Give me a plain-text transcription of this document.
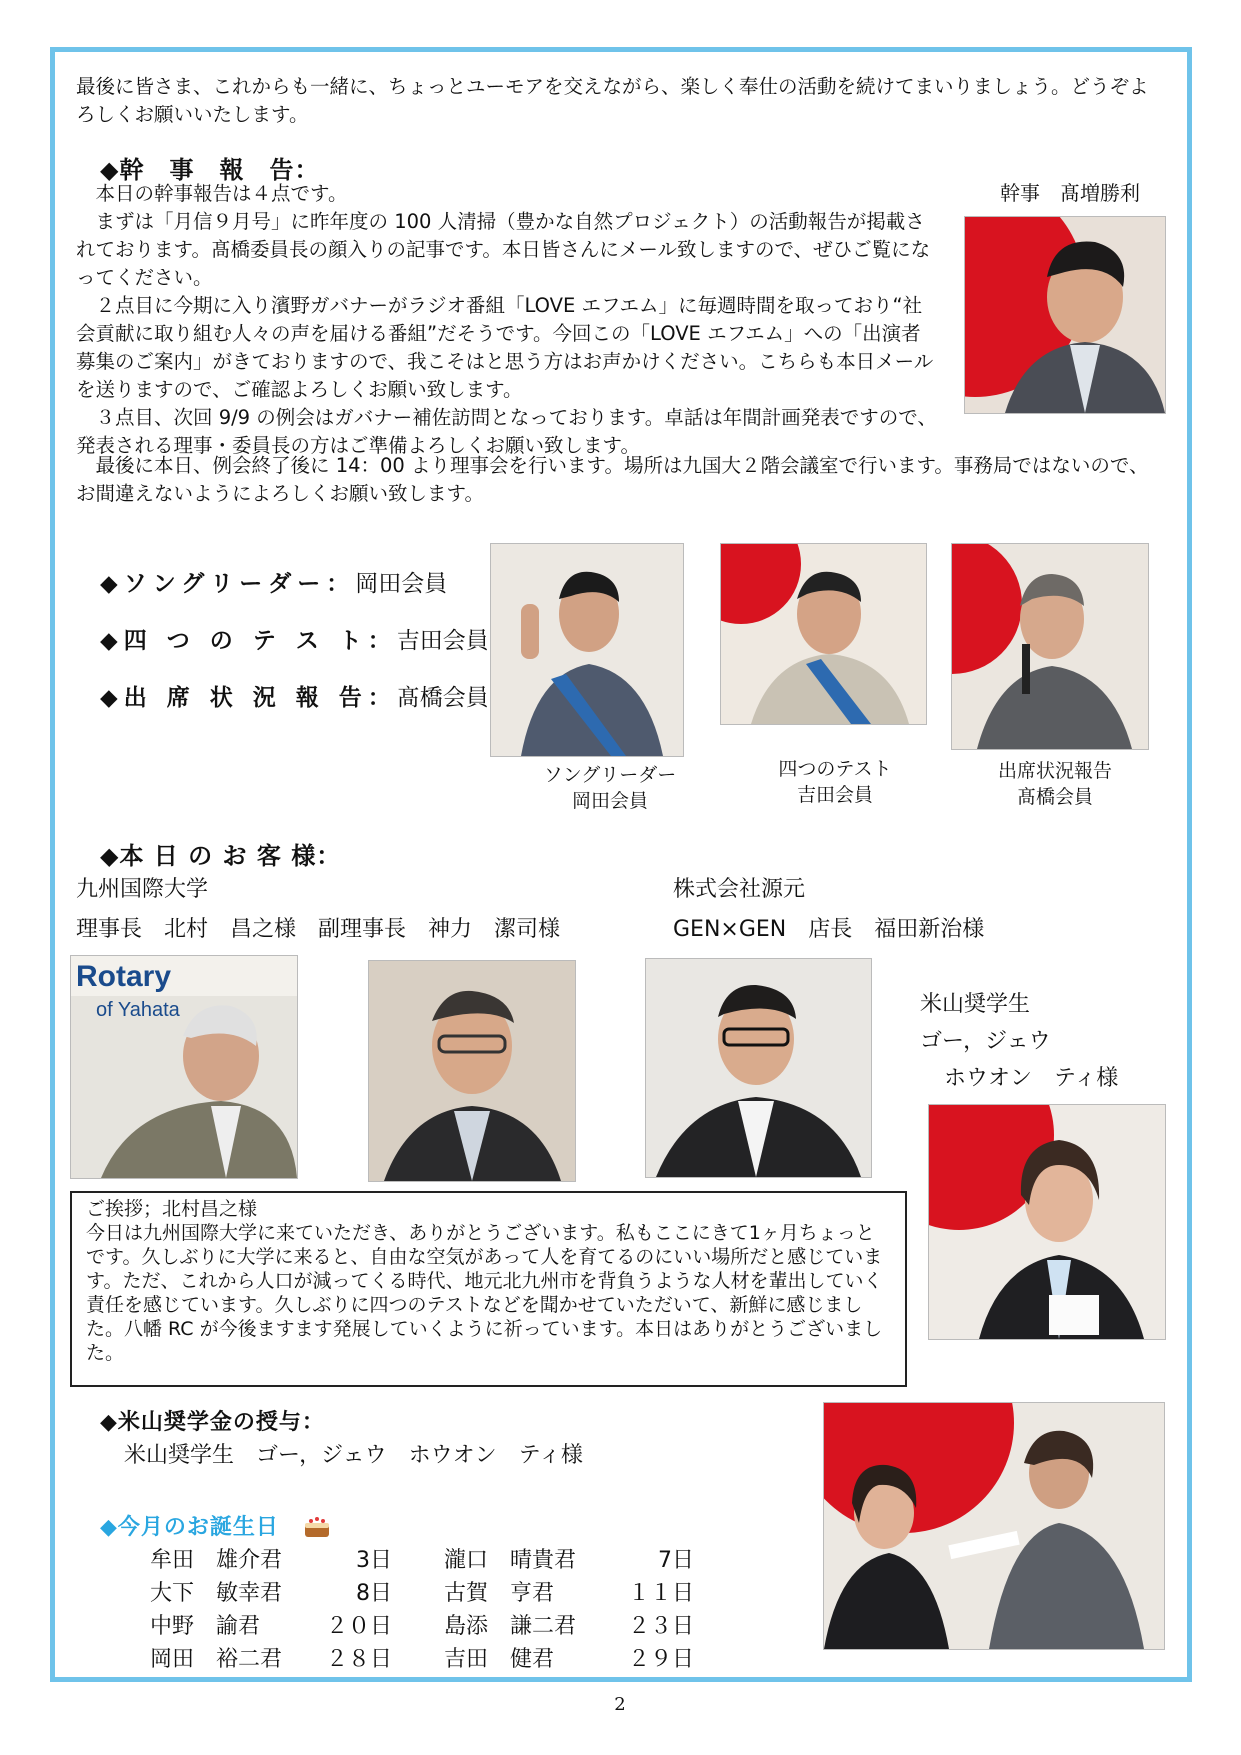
最後に皆さま、これからも一緒に、ちょっとユーモアを交えながら、楽しく奉仕の活動を続けてまいりましょう。どうぞよろしくお願いいたします。

◆幹　事　報　告：

本日の幹事報告は４点です。

まずは「月信９月号」に昨年度の 100 人清掃（豊かな自然プロジェクト）の活動報告が掲載されております。髙橋委員長の顔入りの記事です。本日皆さんにメール致しますので、ぜひご覧になってください。

２点目に今期に入り濱野ガバナーがラジオ番組「LOVE エフエム」に毎週時間を取っており“社会貢献に取り組む人々の声を届ける番組”だそうです。今回この「LOVE エフエム」への「出演者募集のご案内」がきておりますので、我こそはと思う方はお声かけください。こちらも本日メールを送りますので、ご確認よろしくお願い致します。

３点目、次回 9/9 の例会はガバナー補佐訪問となっております。卓話は年間計画発表ですので、発表される理事・委員長の方はご準備よろしくお願い致します。

最後に本日、例会終了後に 14：00 より理事会を行います。場所は九国大２階会議室で行います。事務局ではないので、お間違えないようによろしくお願い致します。

幹事　髙増勝利
◆ソングリーダー：岡田会員
◆四 つ の テ ス ト：吉田会員
◆出 席 状 況 報 告：髙橋会員
ソングリーダー
岡田会員
四つのテスト
吉田会員
出席状況報告
髙橋会員
◆本 日 の お 客 様：
九州国際大学
理事長　北村　昌之様　副理事長　神力　潔司様
株式会社源元
GEN×GEN　店長　福田新治様
Rotary
of Yahata	米山奨学生
ゴー，ジェウ
ホウオン　ティ様
ご挨拶；北村昌之様
今日は九州国際大学に来ていただき、ありがとうございます。私もここにきて1ヶ月ちょっとです。久しぶりに大学に来ると、自由な空気があって人を育てるのにいい場所だと感じています。ただ、これから人口が減ってくる時代、地元北九州市を背負うような人材を輩出していく責任を感じています。久しぶりに四つのテストなどを聞かせていただいて、新鮮に感じました。八幡 RC が今後ますます発展していくように祈っています。本日はありがとうございました。
◆米山奨学金の授与：
米山奨学生　ゴー，ジェウ　ホウオン　ティ様
◆今月のお誕生日
牟田　雄介君	3日 瀧口　晴貴君	7日
大下　敏幸君	8日 古賀　亨君	１１日
中野　諭君	２０日 島添　謙二君	２３日
岡田　裕二君	２８日 吉田　健君	２９日
2
